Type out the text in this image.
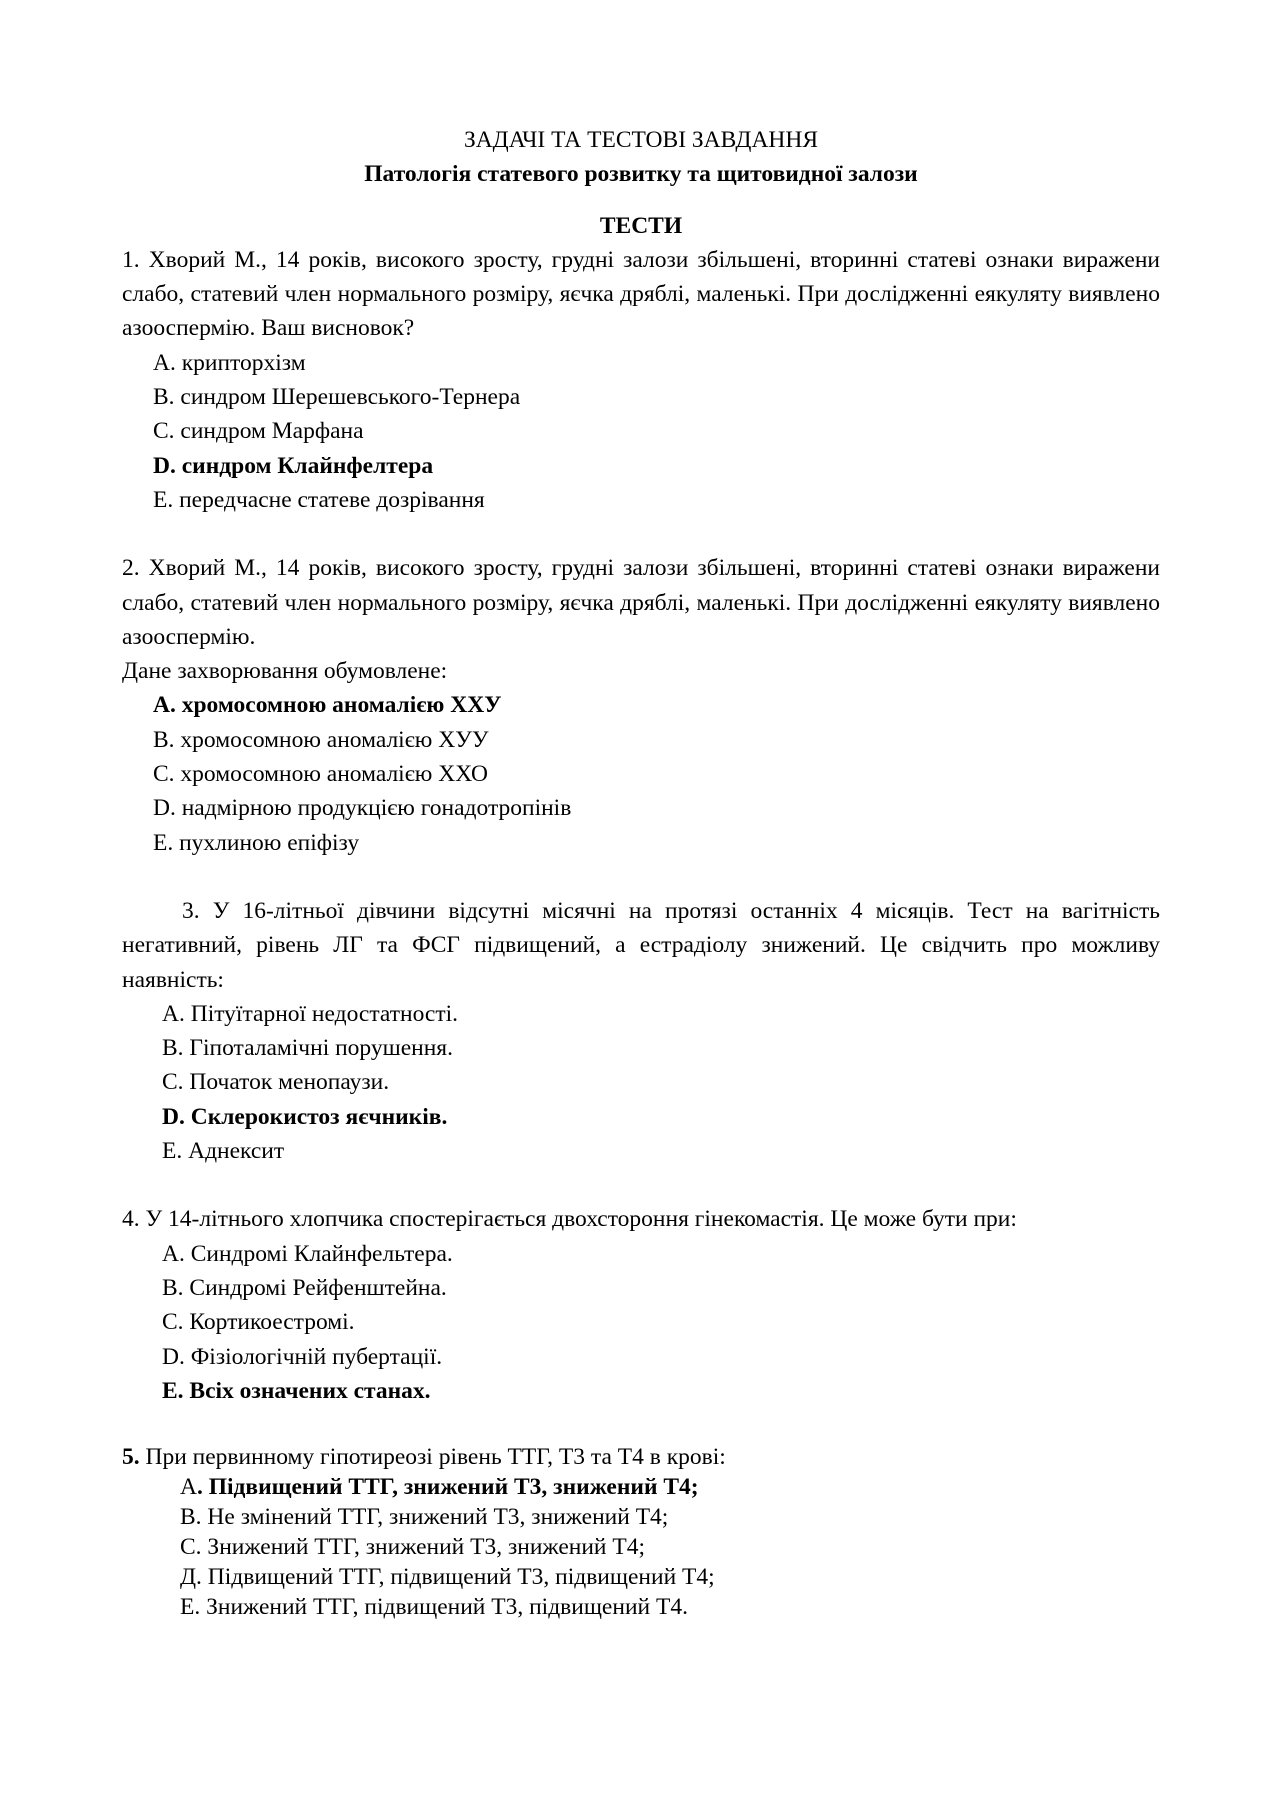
ЗАДАЧІ ТА ТЕСТОВІ ЗАВДАННЯ

Патологія статевого розвитку та щитовидної залози

ТЕСТИ

1. Хворий М., 14 років, високого зросту, грудні залози збільшені, вторинні статеві ознаки виражени слабо, статевий член нормального розміру, яєчка дряблі, маленькі. При дослідженні еякуляту виявлено азооспермію. Ваш висновок?

A. крипторхізм

B. синдром Шерешевського-Тернера

C. синдром Марфана

D. синдром Клайнфелтера

E. передчасне статеве дозрівання

2. Хворий М., 14 років, високого зросту, грудні залози збільшені, вторинні статеві ознаки виражени слабо, статевий член нормального розміру, яєчка дряблі, маленькі. При дослідженні еякуляту виявлено азооспермію.

Дане захворювання обумовлене:

A. хромосомною аномалією ХХУ

B. хромосомною аномалією ХУУ

C. хромосомною аномалією ХХО

D. надмірною продукцією гонадотропінів

E. пухлиною епіфізу

3. У 16-літньої дівчини відсутні місячні на протязі останніх 4 місяців. Тест на вагітність негативний, рівень ЛГ та ФСГ підвищений, а естрадіолу знижений. Це свідчить про можливу наявність:

A. Пітуїтарної недостатності.

B. Гіпоталамічні порушення.

C. Початок менопаузи.

D. Склерокистоз яєчників.

E. Аднексит

4. У 14-літнього хлопчика спостерігається двохстороння гінекомастія. Це може бути при:

A. Синдромі Клайнфельтера.

B. Синдромі Рейфенштейна.

C. Кортикоестромі.

D. Фізіологічній пубертації.

E. Всіх означених станах.

5. При первинному гіпотиреозі рівень ТТГ, Т3 та Т4 в крові:

А. Підвищений ТТГ, знижений Т3, знижений Т4;

В. Не змінений ТТГ, знижений Т3, знижений Т4;

С. Знижений ТТГ, знижений Т3, знижений Т4;

Д. Підвищений ТТГ, підвищений Т3, підвищений Т4;

Е. Знижений ТТГ, підвищений Т3, підвищений Т4.
